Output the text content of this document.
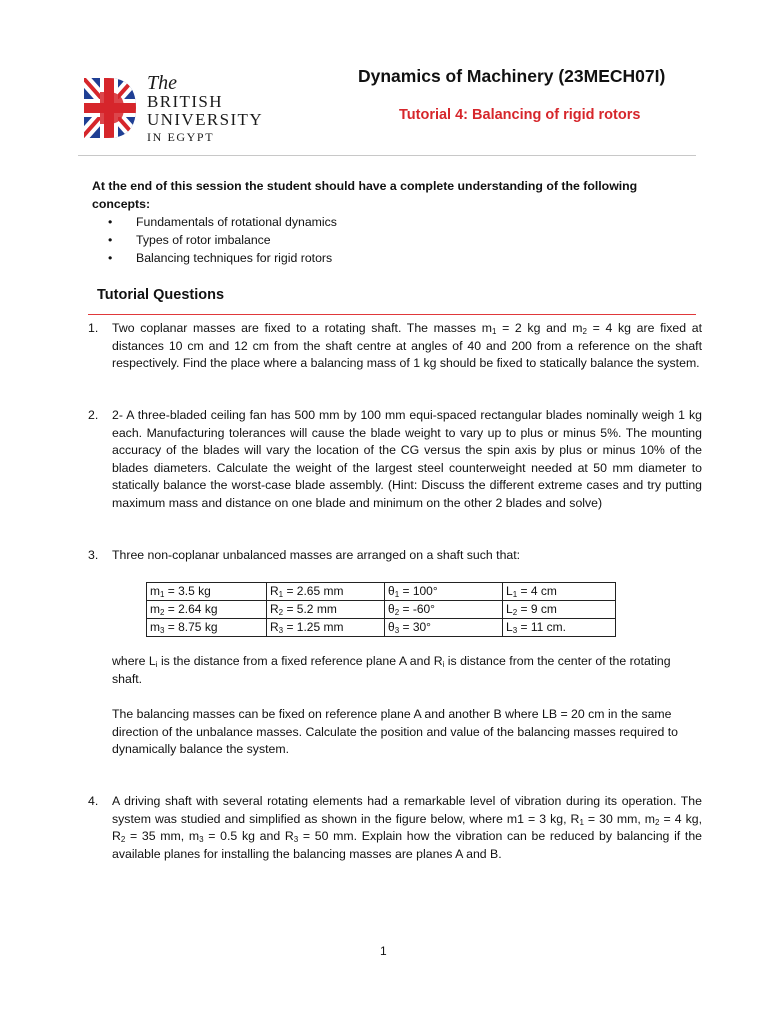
The
BRITISH
UNIVERSITY
IN EGYPT
Dynamics of Machinery (23MECH07I)
Tutorial 4: Balancing of rigid rotors
At the end of this session the student should have a complete understanding of the following concepts:
• Fundamentals of rotational dynamics
• Types of rotor imbalance
• Balancing techniques for rigid rotors
Tutorial Questions
1. Two coplanar masses are fixed to a rotating shaft. The masses $m_1 = 2$ kg and $m_2 = 4$ kg are fixed at distances 10 cm and 12 cm from the shaft centre at angles of 40 and 200 from a reference on the shaft respectively. Find the place where a balancing mass of 1 kg should be fixed to statically balance the system.
2. 2- A three-bladed ceiling fan has 500 mm by 100 mm equi-spaced rectangular blades nominally weigh 1 kg each. Manufacturing tolerances will cause the blade weight to vary up to plus or minus 5%. The mounting accuracy of the blades will vary the location of the CG versus the spin axis by plus or minus 10% of the blades diameters. Calculate the weight of the largest steel counterweight needed at 50 mm diameter to statically balance the worst-case blade assembly. (Hint: Discuss the different extreme cases and try putting maximum mass and distance on one blade and minimum on the other 2 blades and solve)
3. Three non-coplanar unbalanced masses are arranged on a shaft such that:
$m_1 = 3.5$ kg	$R_1 = 2.65$ mm	$\theta_1 = 100^\circ$	$L_1 = 4$ cm
$m_2 = 2.64$ kg	$R_2 = 5.2$ mm	$\theta_2 = -60^\circ$	$L_2 = 9$ cm
$m_3 = 8.75$ kg	$R_3 = 1.25$ mm	$\theta_3 = 30^\circ$	$L_3 = 11$ cm.
where $L_i$ is the distance from a fixed reference plane A and $R_i$ is distance from the center of the rotating shaft.
The balancing masses can be fixed on reference plane A and another B where LB = 20 cm in the same direction of the unbalance masses. Calculate the position and value of the balancing masses required to dynamically balance the system.
4. A driving shaft with several rotating elements had a remarkable level of vibration during its operation. The system was studied and simplified as shown in the figure below, where m1 = 3 kg, $R_1 = 30$ mm, $m_2 = 4$ kg, $R_2 = 35$ mm, $m_3 = 0.5$ kg and $R_3 = 50$ mm. Explain how the vibration can be reduced by balancing if the available planes for installing the balancing masses are planes A and B.
1
